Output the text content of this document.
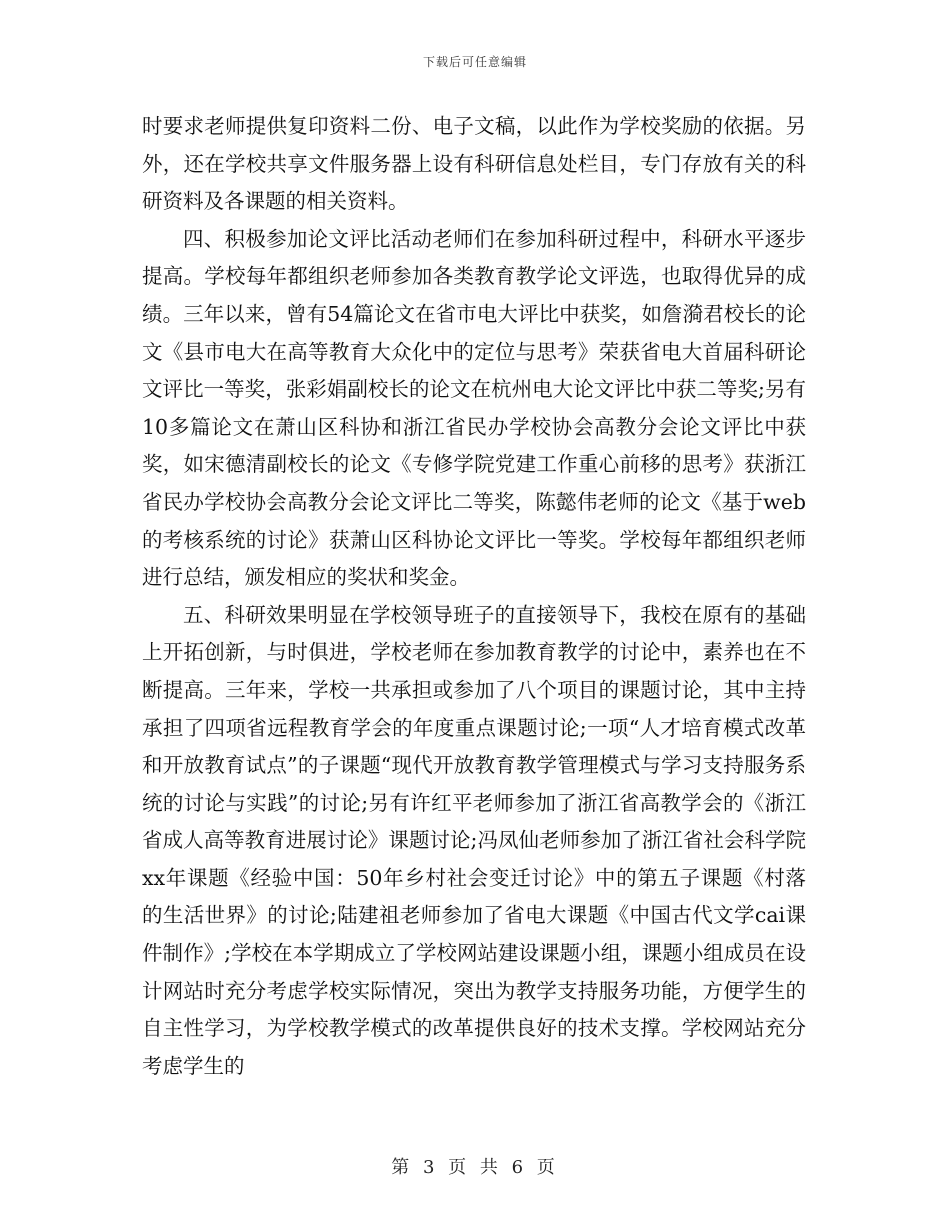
下载后可任意编辑

时要求老师提供复印资料二份、电子文稿，以此作为学校奖励的依据。另外，还在学校共享文件服务器上设有科研信息处栏目，专门存放有关的科研资料及各课题的相关资料。

四、积极参加论文评比活动老师们在参加科研过程中，科研水平逐步提高。学校每年都组织老师参加各类教育教学论文评选，也取得优异的成绩。三年以来，曾有54篇论文在省市电大评比中获奖，如詹漪君校长的论文《县市电大在高等教育大众化中的定位与思考》荣获省电大首届科研论文评比一等奖，张彩娟副校长的论文在杭州电大论文评比中获二等奖;另有10多篇论文在萧山区科协和浙江省民办学校协会高教分会论文评比中获奖，如宋德清副校长的论文《专修学院党建工作重心前移的思考》获浙江省民办学校协会高教分会论文评比二等奖，陈懿伟老师的论文《基于web的考核系统的讨论》获萧山区科协论文评比一等奖。学校每年都组织老师进行总结，颁发相应的奖状和奖金。

五、科研效果明显在学校领导班子的直接领导下，我校在原有的基础上开拓创新，与时俱进，学校老师在参加教育教学的讨论中，素养也在不断提高。三年来，学校一共承担或参加了八个项目的课题讨论，其中主持承担了四项省远程教育学会的年度重点课题讨论;一项“人才培育模式改革和开放教育试点”的子课题“现代开放教育教学管理模式与学习支持服务系统的讨论与实践”的讨论;另有许红平老师参加了浙江省高教学会的《浙江省成人高等教育进展讨论》课题讨论;冯凤仙老师参加了浙江省社会科学院xx年课题《经验中国：50年乡村社会变迁讨论》中的第五子课题《村落的生活世界》的讨论;陆建祖老师参加了省电大课题《中国古代文学cai课件制作》;学校在本学期成立了学校网站建设课题小组，课题小组成员在设计网站时充分考虑学校实际情况，突出为教学支持服务功能，方便学生的自主性学习，为学校教学模式的改革提供良好的技术支撑。学校网站充分考虑学生的

第 3 页 共 6 页
